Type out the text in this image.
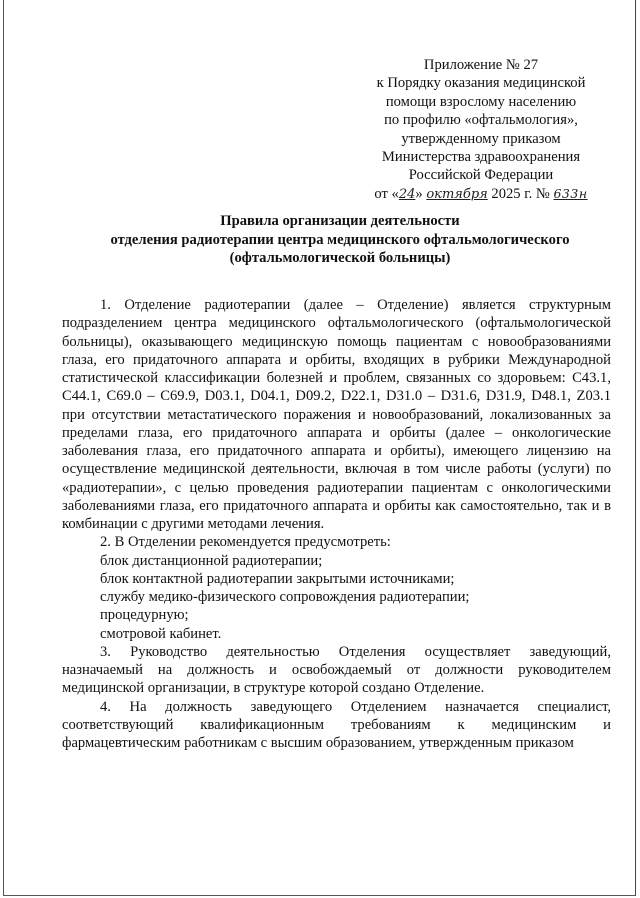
Приложение № 27
к Порядку оказания медицинской
помощи взрослому населению
по профилю «офтальмология»,
утвержденному приказом
Министерства здравоохранения
Российской Федерации
от «24» октября 2025 г. № 633н
Правила организации деятельности
отделения радиотерапии центра медицинского офтальмологического
(офтальмологической больницы)

1. Отделение радиотерапии (далее – Отделение) является структурным подразделением центра медицинского офтальмологического (офтальмологической больницы), оказывающего медицинскую помощь пациентам с новообразованиями глаза, его придаточного аппарата и орбиты, входящих в рубрики Международной статистической классификации болезней и проблем, связанных со здоровьем: C43.1, C44.1, C69.0 – C69.9, D03.1, D04.1, D09.2, D22.1, D31.0 – D31.6, D31.9, D48.1, Z03.1 при отсутствии метастатического поражения и новообразований, локализованных за пределами глаза, его придаточного аппарата и орбиты (далее – онкологические заболевания глаза, его придаточного аппарата и орбиты), имеющего лицензию на осуществление медицинской деятельности, включая в том числе работы (услуги) по «радиотерапии», с целью проведения радиотерапии пациентам с онкологическими заболеваниями глаза, его придаточного аппарата и орбиты как самостоятельно, так и в комбинации с другими методами лечения.

2. В Отделении рекомендуется предусмотреть:

блок дистанционной радиотерапии;

блок контактной радиотерапии закрытыми источниками;

службу медико-физического сопровождения радиотерапии;

процедурную;

смотровой кабинет.

3. Руководство деятельностью Отделения осуществляет заведующий, назначаемый на должность и освобождаемый от должности руководителем медицинской организации, в структуре которой создано Отделение.

4. На должность заведующего Отделением назначается специалист, соответствующий квалификационным требованиям к медицинским и фармацевтическим работникам с высшим образованием, утвержденным приказом
